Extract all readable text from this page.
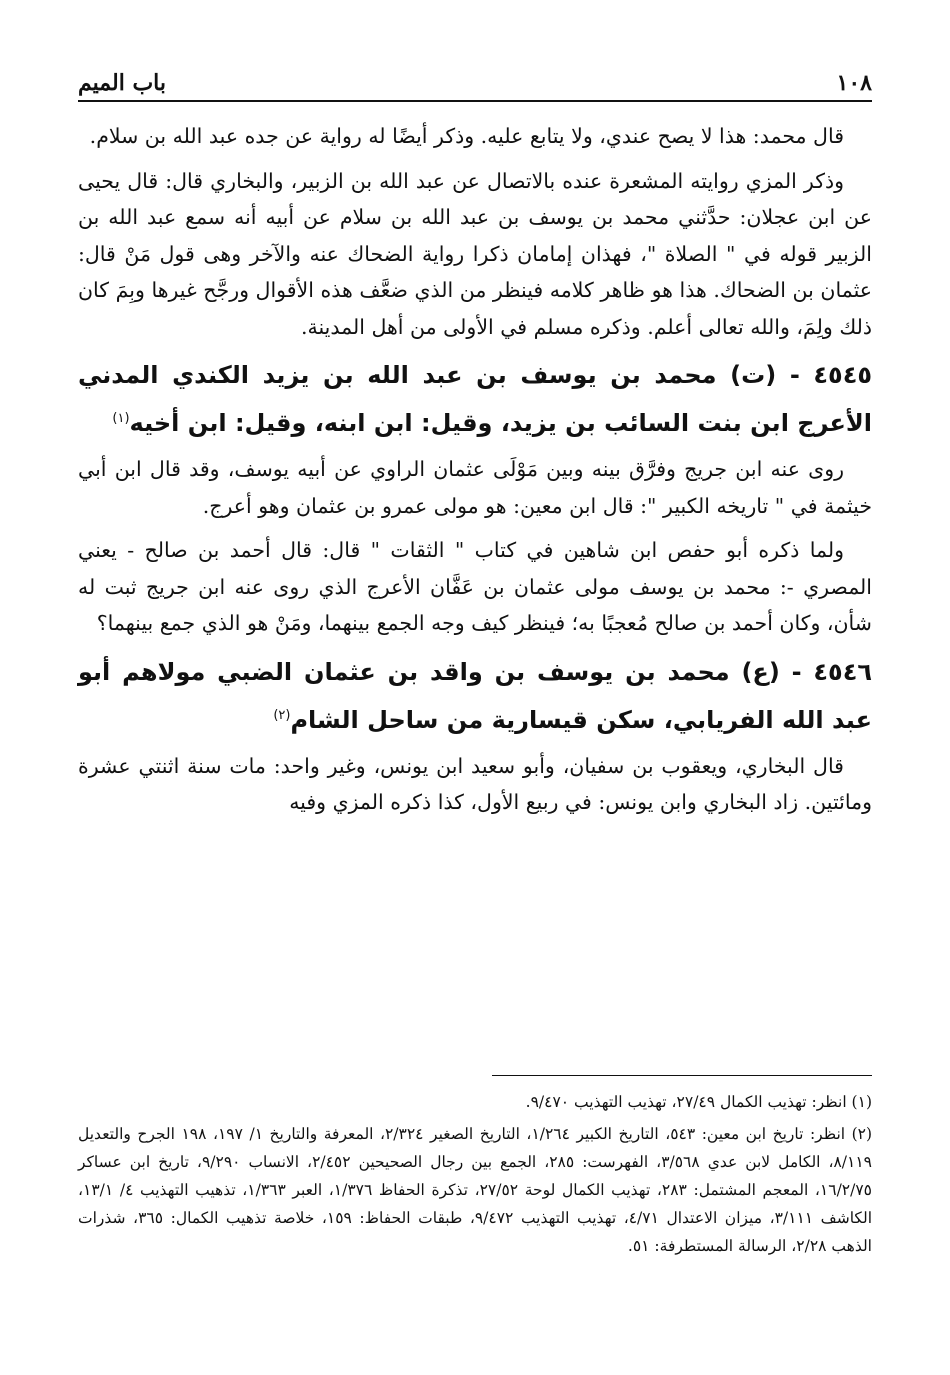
١٠٨
باب الميم

قال محمد: هذا لا يصح عندي، ولا يتابع عليه. وذكر أيضًا له رواية عن جده عبد الله بن سلام.

وذكر المزي روايته المشعرة عنده بالاتصال عن عبد الله بن الزبير، والبخاري قال: قال يحيى عن ابن عجلان: حدَّثني محمد بن يوسف بن عبد الله بن سلام عن أبيه أنه سمع عبد الله بن الزبير قوله في " الصلاة "، فهذان إمامان ذكرا رواية الضحاك عنه والآخر وهى قول مَنْ قال: عثمان بن الضحاك. هذا هو ظاهر كلامه فينظر من الذي ضعَّف هذه الأقوال ورجَّح غيرها وبِمَ كان ذلك ولِمَ، والله تعالى أعلم. وذكره مسلم في الأولى من أهل المدينة.

٤٥٤٥ - (ت) محمد بن يوسف بن عبد الله بن يزيد الكندي المدني الأعرج ابن بنت السائب بن يزيد، وقيل: ابن ابنه، وقيل: ابن أخيه$^{(١)}$

روى عنه ابن جريج وفرَّق بينه وبين مَوْلَى عثمان الراوي عن أبيه يوسف، وقد قال ابن أبي خيثمة في " تاريخه الكبير ": قال ابن معين: هو مولى عمرو بن عثمان وهو أعرج.

ولما ذكره أبو حفص ابن شاهين في كتاب " الثقات " قال: قال أحمد بن صالح - يعني المصري -: محمد بن يوسف مولى عثمان بن عَفَّان الأعرج الذي روى عنه ابن جريج ثبت له شأن، وكان أحمد بن صالح مُعجبًا به؛ فينظر كيف وجه الجمع بينهما، ومَنْ هو الذي جمع بينهما؟

٤٥٤٦ - (ع) محمد بن يوسف بن واقد بن عثمان الضبي مولاهم أبو عبد الله الفريابي، سكن قيسارية من ساحل الشام$^{(٢)}$

قال البخاري، ويعقوب بن سفيان، وأبو سعيد ابن يونس، وغير واحد: مات سنة اثنتي عشرة ومائتين. زاد البخاري وابن يونس: في ربيع الأول، كذا ذكره المزي وفيه

(١) انظر: تهذيب الكمال ٢٧/٤٩، تهذيب التهذيب ٩/٤٧٠.

(٢) انظر: تاريخ ابن معين: ٥٤٣، التاريخ الكبير ١/٢٦٤، التاريخ الصغير ٢/٣٢٤، المعرفة والتاريخ ١/ ١٩٧، ١٩٨ الجرح والتعديل ٨/١١٩، الكامل لابن عدي ٣/٥٦٨، الفهرست: ٢٨٥، الجمع بين رجال الصحيحين ٢/٤٥٢، الانساب ٩/٢٩٠، تاريخ ابن عساكر ١٦/٢/٧٥، المعجم المشتمل: ٢٨٣، تهذيب الكمال لوحة ٢٧/٥٢، تذكرة الحفاظ ١/٣٧٦، العبر ١/٣٦٣، تذهيب التهذيب ٤/ ١٣/١، الكاشف ٣/١١١، ميزان الاعتدال ٤/٧١، تهذيب التهذيب ٩/٤٧٢، طبقات الحفاظ: ١٥٩، خلاصة تذهيب الكمال: ٣٦٥، شذرات الذهب ٢/٢٨، الرسالة المستطرفة: ٥١.
